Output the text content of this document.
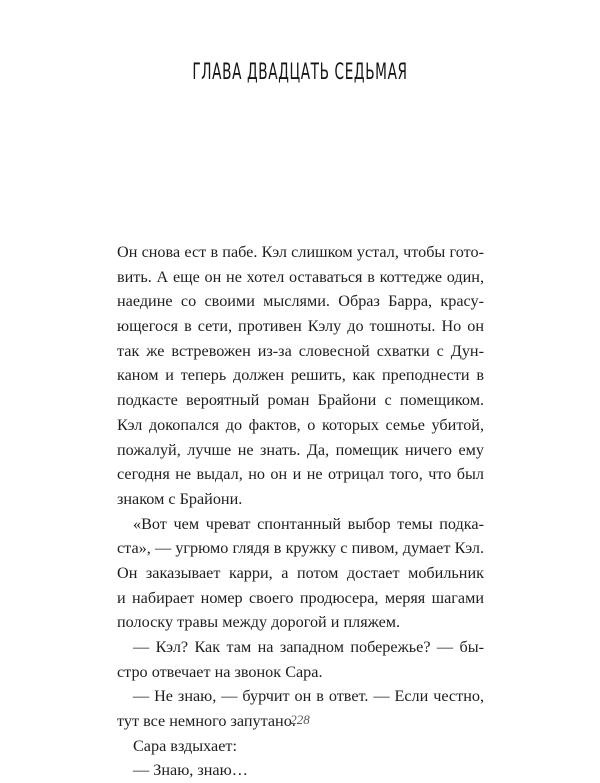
ГЛАВА ДВАДЦАТЬ СЕДЬМАЯ
Он снова ест в пабе. Кэл слишком устал, чтобы гото-
вить. А еще он не хотел оставаться в коттедже один,
наедине со своими мыслями. Образ Барра, красу-
ющегося в сети, противен Кэлу до тошноты. Но он
так же встревожен из-за словесной схватки с Дун-
каном и теперь должен решить, как преподнести в
подкасте вероятный роман Брайони с помещиком.
Кэл докопался до фактов, о которых семье убитой,
пожалуй, лучше не знать. Да, помещик ничего ему
сегодня не выдал, но он и не отрицал того, что был
знаком с Брайони.
«Вот чем чреват спонтанный выбор темы подка-
ста», — угрюмо глядя в кружку с пивом, думает Кэл.
Он заказывает карри, а потом достает мобильник
и набирает номер своего продюсера, меряя шагами
полоску травы между дорогой и пляжем.
— Кэл? Как там на западном побережье? — бы-
стро отвечает на звонок Сара.
— Не знаю, — бурчит он в ответ. — Если честно,
тут все немного запутано.
Сара вздыхает:
— Знаю, знаю…
228
